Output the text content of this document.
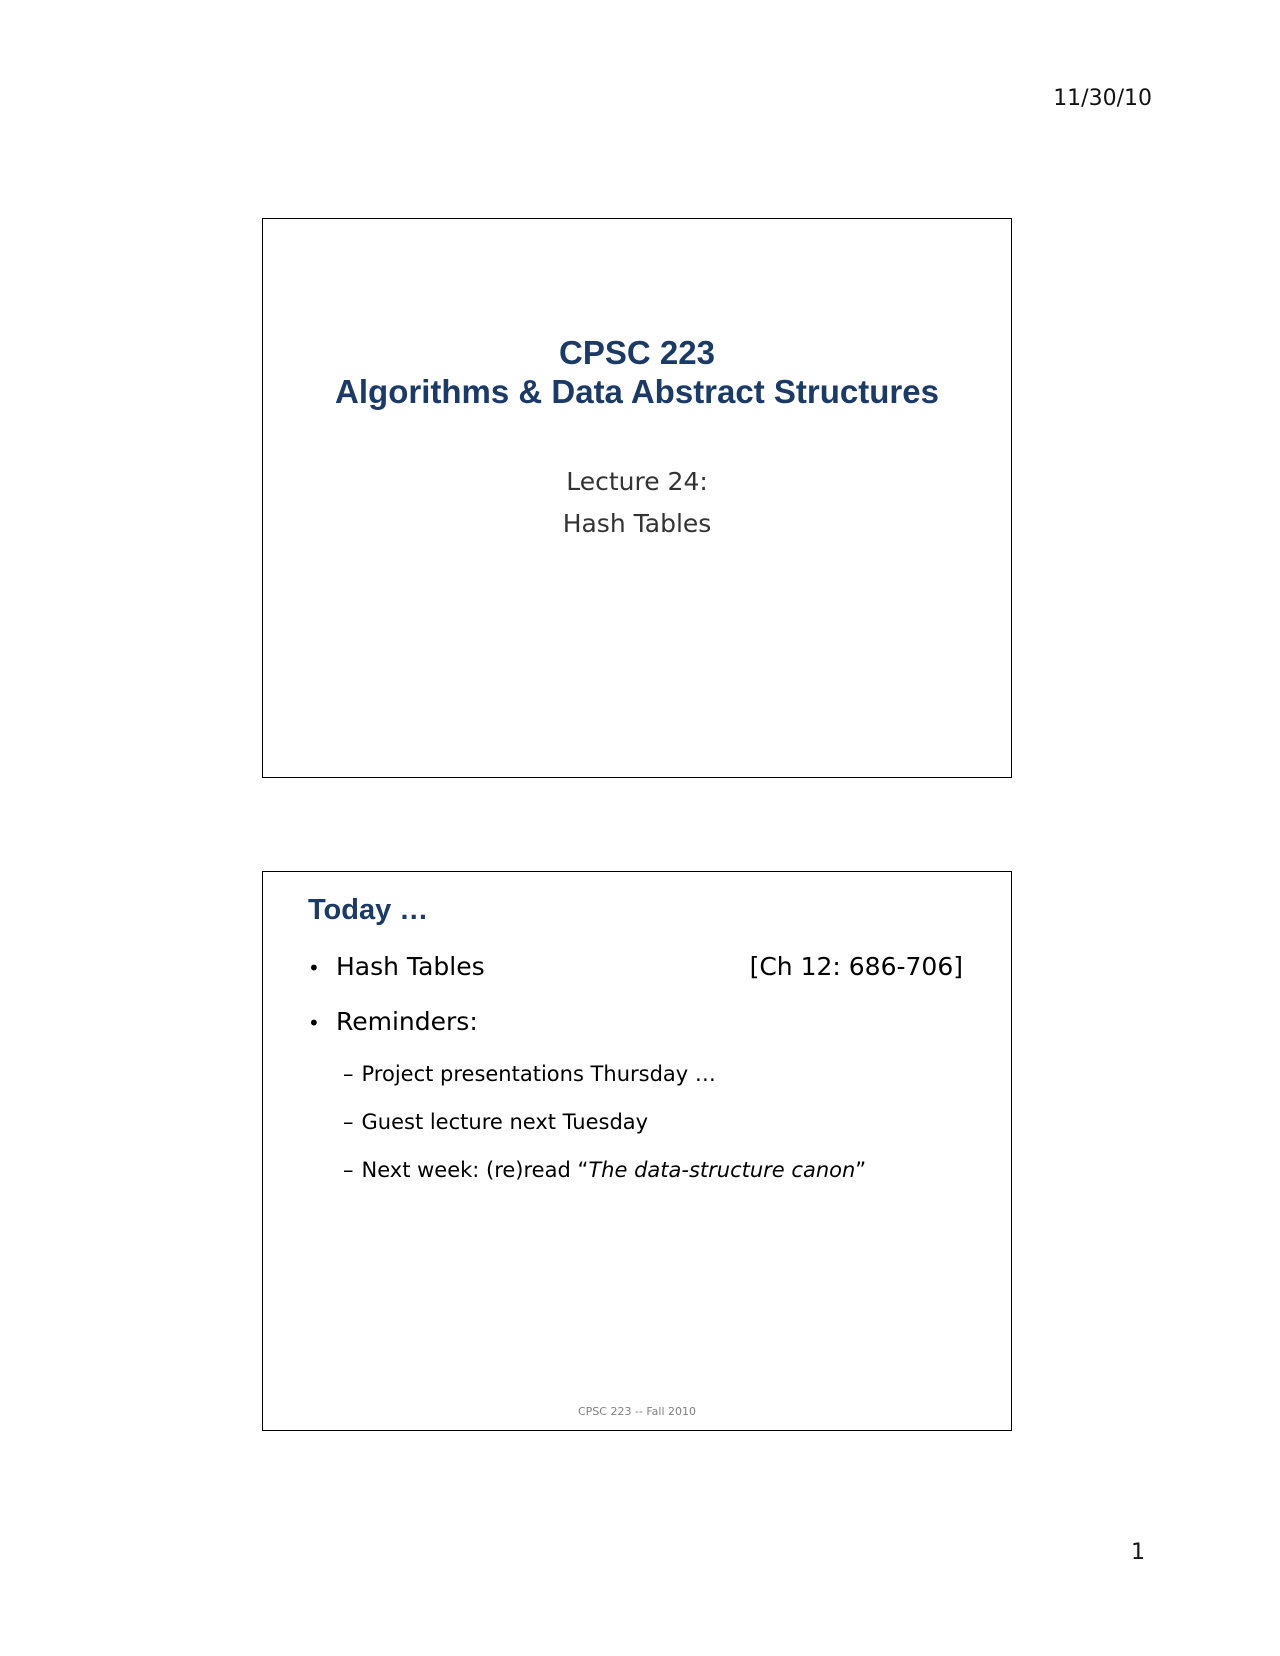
11/30/10
CPSC 223
Algorithms & Data Abstract Structures
Lecture 24:
Hash Tables
Today …
• Hash Tables	[Ch 12: 686-706]
• Reminders:
– Project presentations Thursday …
– Guest lecture next Tuesday
– Next week: (re)read “The data-structure canon”
CPSC 223 -- Fall 2010
1
